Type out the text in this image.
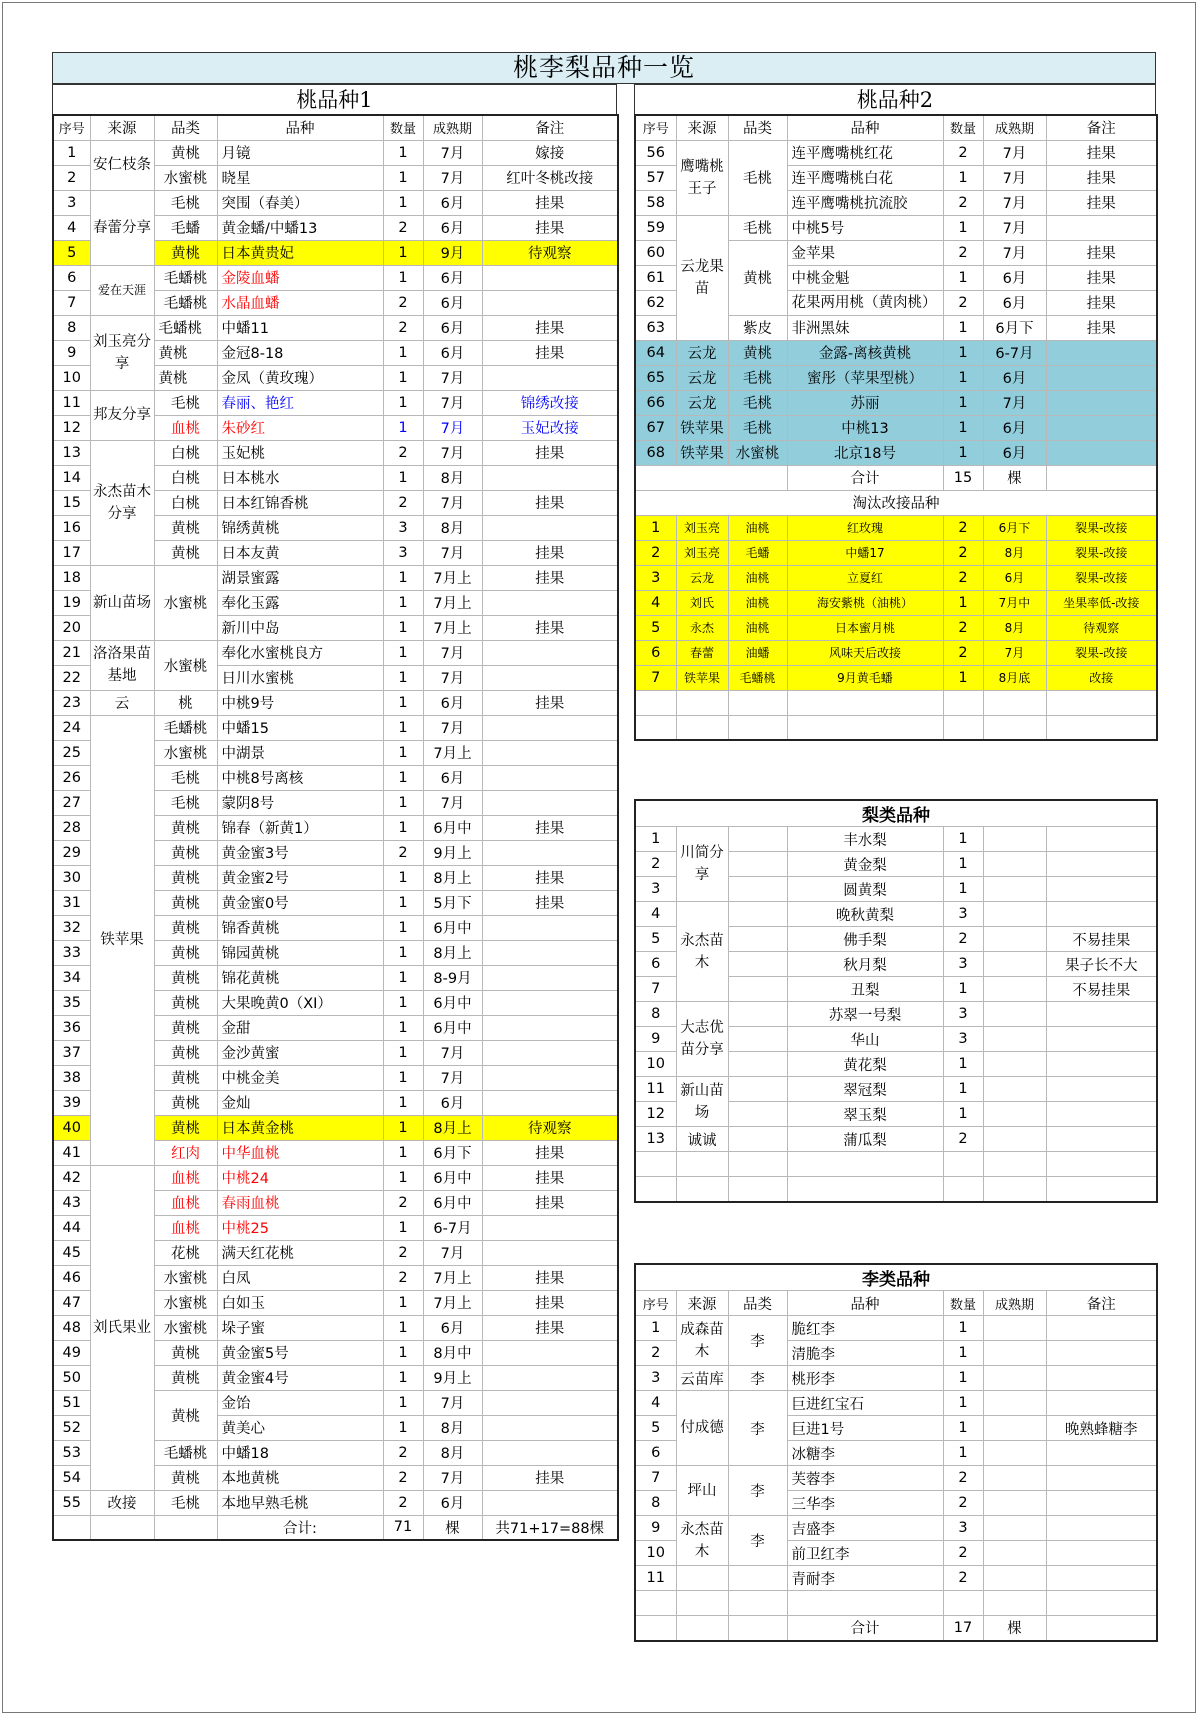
桃李梨品种一览
桃品种1	桃品种2
序号	来源	品类	品种	数量	成熟期	备注
1	安仁枝条	黄桃	月镜	1	7月	嫁接
2		水蜜桃	晓星	1	7月	红叶冬桃改接
3	春蕾分享	毛桃	突围（春美）	1	6月	挂果
4		毛蟠	黄金蟠/中蟠13	2	6月	挂果
5		黄桃	日本黄贵妃	1	9月	待观察
6	爱在天涯	毛蟠桃	金陵血蟠	1	6月	
7		毛蟠桃	水晶血蟠	2	6月	
8	刘玉亮分享	毛蟠桃	中蟠11	2	6月	挂果
9		黄桃	金冠8-18	1	6月	挂果
10		黄桃	金凤（黄玫瑰）	1	7月	
11	邦友分享	毛桃	春丽、艳红	1	7月	锦绣改接
12		血桃	朱砂红	1	7月	玉妃改接
13	永杰苗木分享	白桃	玉妃桃	2	7月	挂果
14		白桃	日本桃水	1	8月	
15		白桃	日本红锦香桃	2	7月	挂果
16		黄桃	锦绣黄桃	3	8月	
17		黄桃	日本友黄	3	7月	挂果
18	新山苗场	水蜜桃	湖景蜜露	1	7月上	挂果
19			奉化玉露	1	7月上	
20			新川中岛	1	7月上	挂果
21	洛洛果苗基地	水蜜桃	奉化水蜜桃良方	1	7月	
22			日川水蜜桃	1	7月	
23	云	桃	中桃9号	1	6月	挂果
24	铁苹果	毛蟠桃	中蟠15	1	7月	
25		水蜜桃	中湖景	1	7月上	
26		毛桃	中桃8号离核	1	6月	
27		毛桃	蒙阴8号	1	7月	
28		黄桃	锦春（新黄1）	1	6月中	挂果
29		黄桃	黄金蜜3号	2	9月上	
30		黄桃	黄金蜜2号	1	8月上	挂果
31		黄桃	黄金蜜0号	1	5月下	挂果
32		黄桃	锦香黄桃	1	6月中	
33		黄桃	锦园黄桃	1	8月上	
34		黄桃	锦花黄桃	1	8-9月	
35		黄桃	大果晚黄0（XI）	1	6月中	
36		黄桃	金甜	1	6月中	
37		黄桃	金沙黄蜜	1	7月	
38		黄桃	中桃金美	1	7月	
39		黄桃	金灿	1	6月	
40		黄桃	日本黄金桃	1	8月上	待观察
41		红肉	中华血桃	1	6月下	挂果
42	刘氏果业	血桃	中桃24	1	6月中	挂果
43		血桃	春雨血桃	2	6月中	挂果
44		血桃	中桃25	1	6-7月	
45		花桃	满天红花桃	2	7月	
46		水蜜桃	白凤	2	7月上	挂果
47		水蜜桃	白如玉	1	7月上	挂果
48		水蜜桃	垛子蜜	1	6月	挂果
49		黄桃	黄金蜜5号	1	8月中	
50		黄桃	黄金蜜4号	1	9月上	
51		黄桃	金饴	1	7月	
52			黄美心	1	8月	
53		毛蟠桃	中蟠18	2	8月	
54		黄桃	本地黄桃	2	7月	挂果
55	改接	毛桃	本地早熟毛桃	2	6月	
			合计:	71	棵	共71+17=88棵
序号	来源	品类	品种	数量	成熟期	备注
56	鹰嘴桃王子	毛桃	连平鹰嘴桃红花	2	7月	挂果
57			连平鹰嘴桃白花	1	7月	挂果
58			连平鹰嘴桃抗流胶	2	7月	挂果
59	云龙果苗	毛桃	中桃5号	1	7月	
60		黄桃	金苹果	2	7月	挂果
61			中桃金魁	1	6月	挂果
62			花果两用桃（黄肉桃）	2	6月	挂果
63		紫皮	非洲黑妹	1	6月下	挂果
64	云龙	黄桃	金露-离核黄桃	1	6-7月	
65	云龙	毛桃	蜜彤（苹果型桃）	1	6月	
66	云龙	毛桃	苏丽	1	7月	
67	铁苹果	毛桃	中桃13	1	6月	
68	铁苹果	水蜜桃	北京18号	1	6月	
			合计	15	棵	
淘汰改接品种						
1	刘玉亮	油桃	红玫瑰	2	6月下	裂果-改接
2	刘玉亮	毛蟠	中蟠17	2	8月	裂果-改接
3	云龙	油桃	立夏红	2	6月	裂果-改接
4	刘氏	油桃	海安紫桃（油桃）	1	7月中	坐果率低-改接
5	永杰	油桃	日本蜜月桃	2	8月	待观察
6	春蕾	油蟠	风味天后改接	2	7月	裂果-改接
7	铁苹果	毛蟠桃	9月黄毛蟠	1	8月底	改接

梨类品种						
1	川简分享		丰水梨	1		
2			黄金梨	1		
3			圆黄梨	1		
4	永杰苗木		晚秋黄梨	3		
5			佛手梨	2		不易挂果
6			秋月梨	3		果子长不大
7			丑梨	1		不易挂果
8	大志优苗分享		苏翠一号梨	3		
9			华山	3		
10			黄花梨	1		
11	新山苗场		翠冠梨	1		
12			翠玉梨	1		
13	诚诚		蒲瓜梨	2		

李类品种						
序号	来源	品类	品种	数量	成熟期	备注
1	成森苗木	李	脆红李	1		
2			清脆李	1		
3	云苗库	李	桃形李	1		
4	付成德	李	巨进红宝石	1		
5			巨进1号	1		晚熟蜂糖李
6			冰糖李	1		
7	坪山	李	芙蓉李	2		
8			三华李	2		
9	永杰苗木	李	吉盛李	3		
10			前卫红李	2		
11			青耐李	2		

			合计	17	棵	
